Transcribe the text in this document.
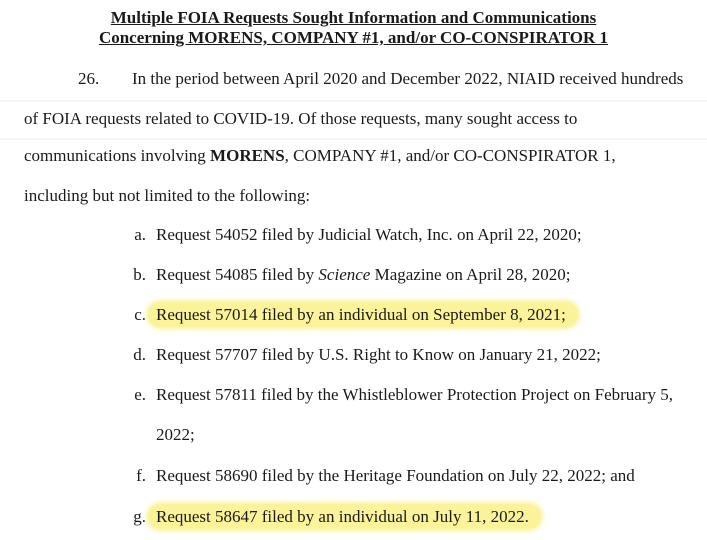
Multiple FOIA Requests Sought Information and Communications
Concerning MORENS, COMPANY #1, and/or CO-CONSPIRATOR 1
26. In the period between April 2020 and December 2022, NIAID received hundreds
of FOIA requests related to COVID-19. Of those requests, many sought access to
communications involving MORENS, COMPANY #1, and/or CO-CONSPIRATOR 1,
including but not limited to the following:
a. Request 54052 filed by Judicial Watch, Inc. on April 22, 2020;
b. Request 54085 filed by Science Magazine on April 28, 2020;
c. Request 57014 filed by an individual on September 8, 2021;
d. Request 57707 filed by U.S. Right to Know on January 21, 2022;
e. Request 57811 filed by the Whistleblower Protection Project on February 5,
2022;
f. Request 58690 filed by the Heritage Foundation on July 22, 2022; and
g. Request 58647 filed by an individual on July 11, 2022.
